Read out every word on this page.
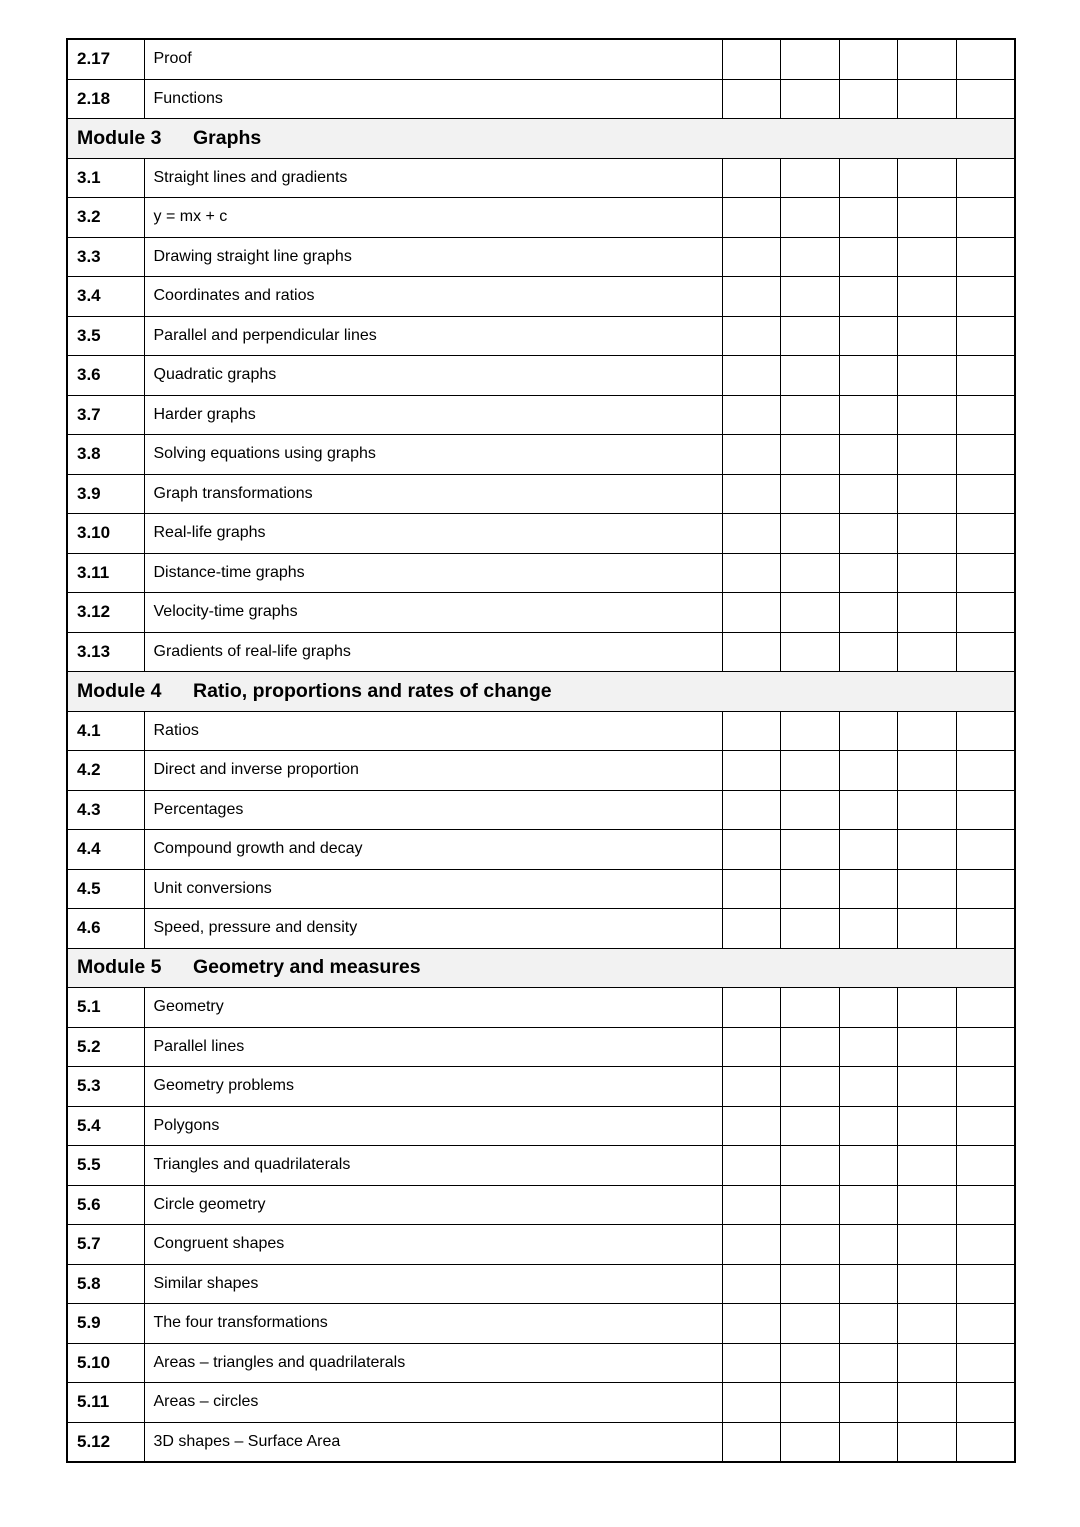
2.17	Proof					
2.18	Functions					
Module 3 Graphs						
3.1	Straight lines and gradients					
3.2	y = mx + c					
3.3	Drawing straight line graphs					
3.4	Coordinates and ratios					
3.5	Parallel and perpendicular lines					
3.6	Quadratic graphs					
3.7	Harder graphs					
3.8	Solving equations using graphs					
3.9	Graph transformations					
3.10	Real-life graphs					
3.11	Distance-time graphs					
3.12	Velocity-time graphs					
3.13	Gradients of real-life graphs					
Module 4 Ratio, proportions and rates of change						
4.1	Ratios					
4.2	Direct and inverse proportion					
4.3	Percentages					
4.4	Compound growth and decay					
4.5	Unit conversions					
4.6	Speed, pressure and density					
Module 5 Geometry and measures						
5.1	Geometry					
5.2	Parallel lines					
5.3	Geometry problems					
5.4	Polygons					
5.5	Triangles and quadrilaterals					
5.6	Circle geometry					
5.7	Congruent shapes					
5.8	Similar shapes					
5.9	The four transformations					
5.10	Areas – triangles and quadrilaterals					
5.11	Areas – circles					
5.12	3D shapes – Surface Area					
